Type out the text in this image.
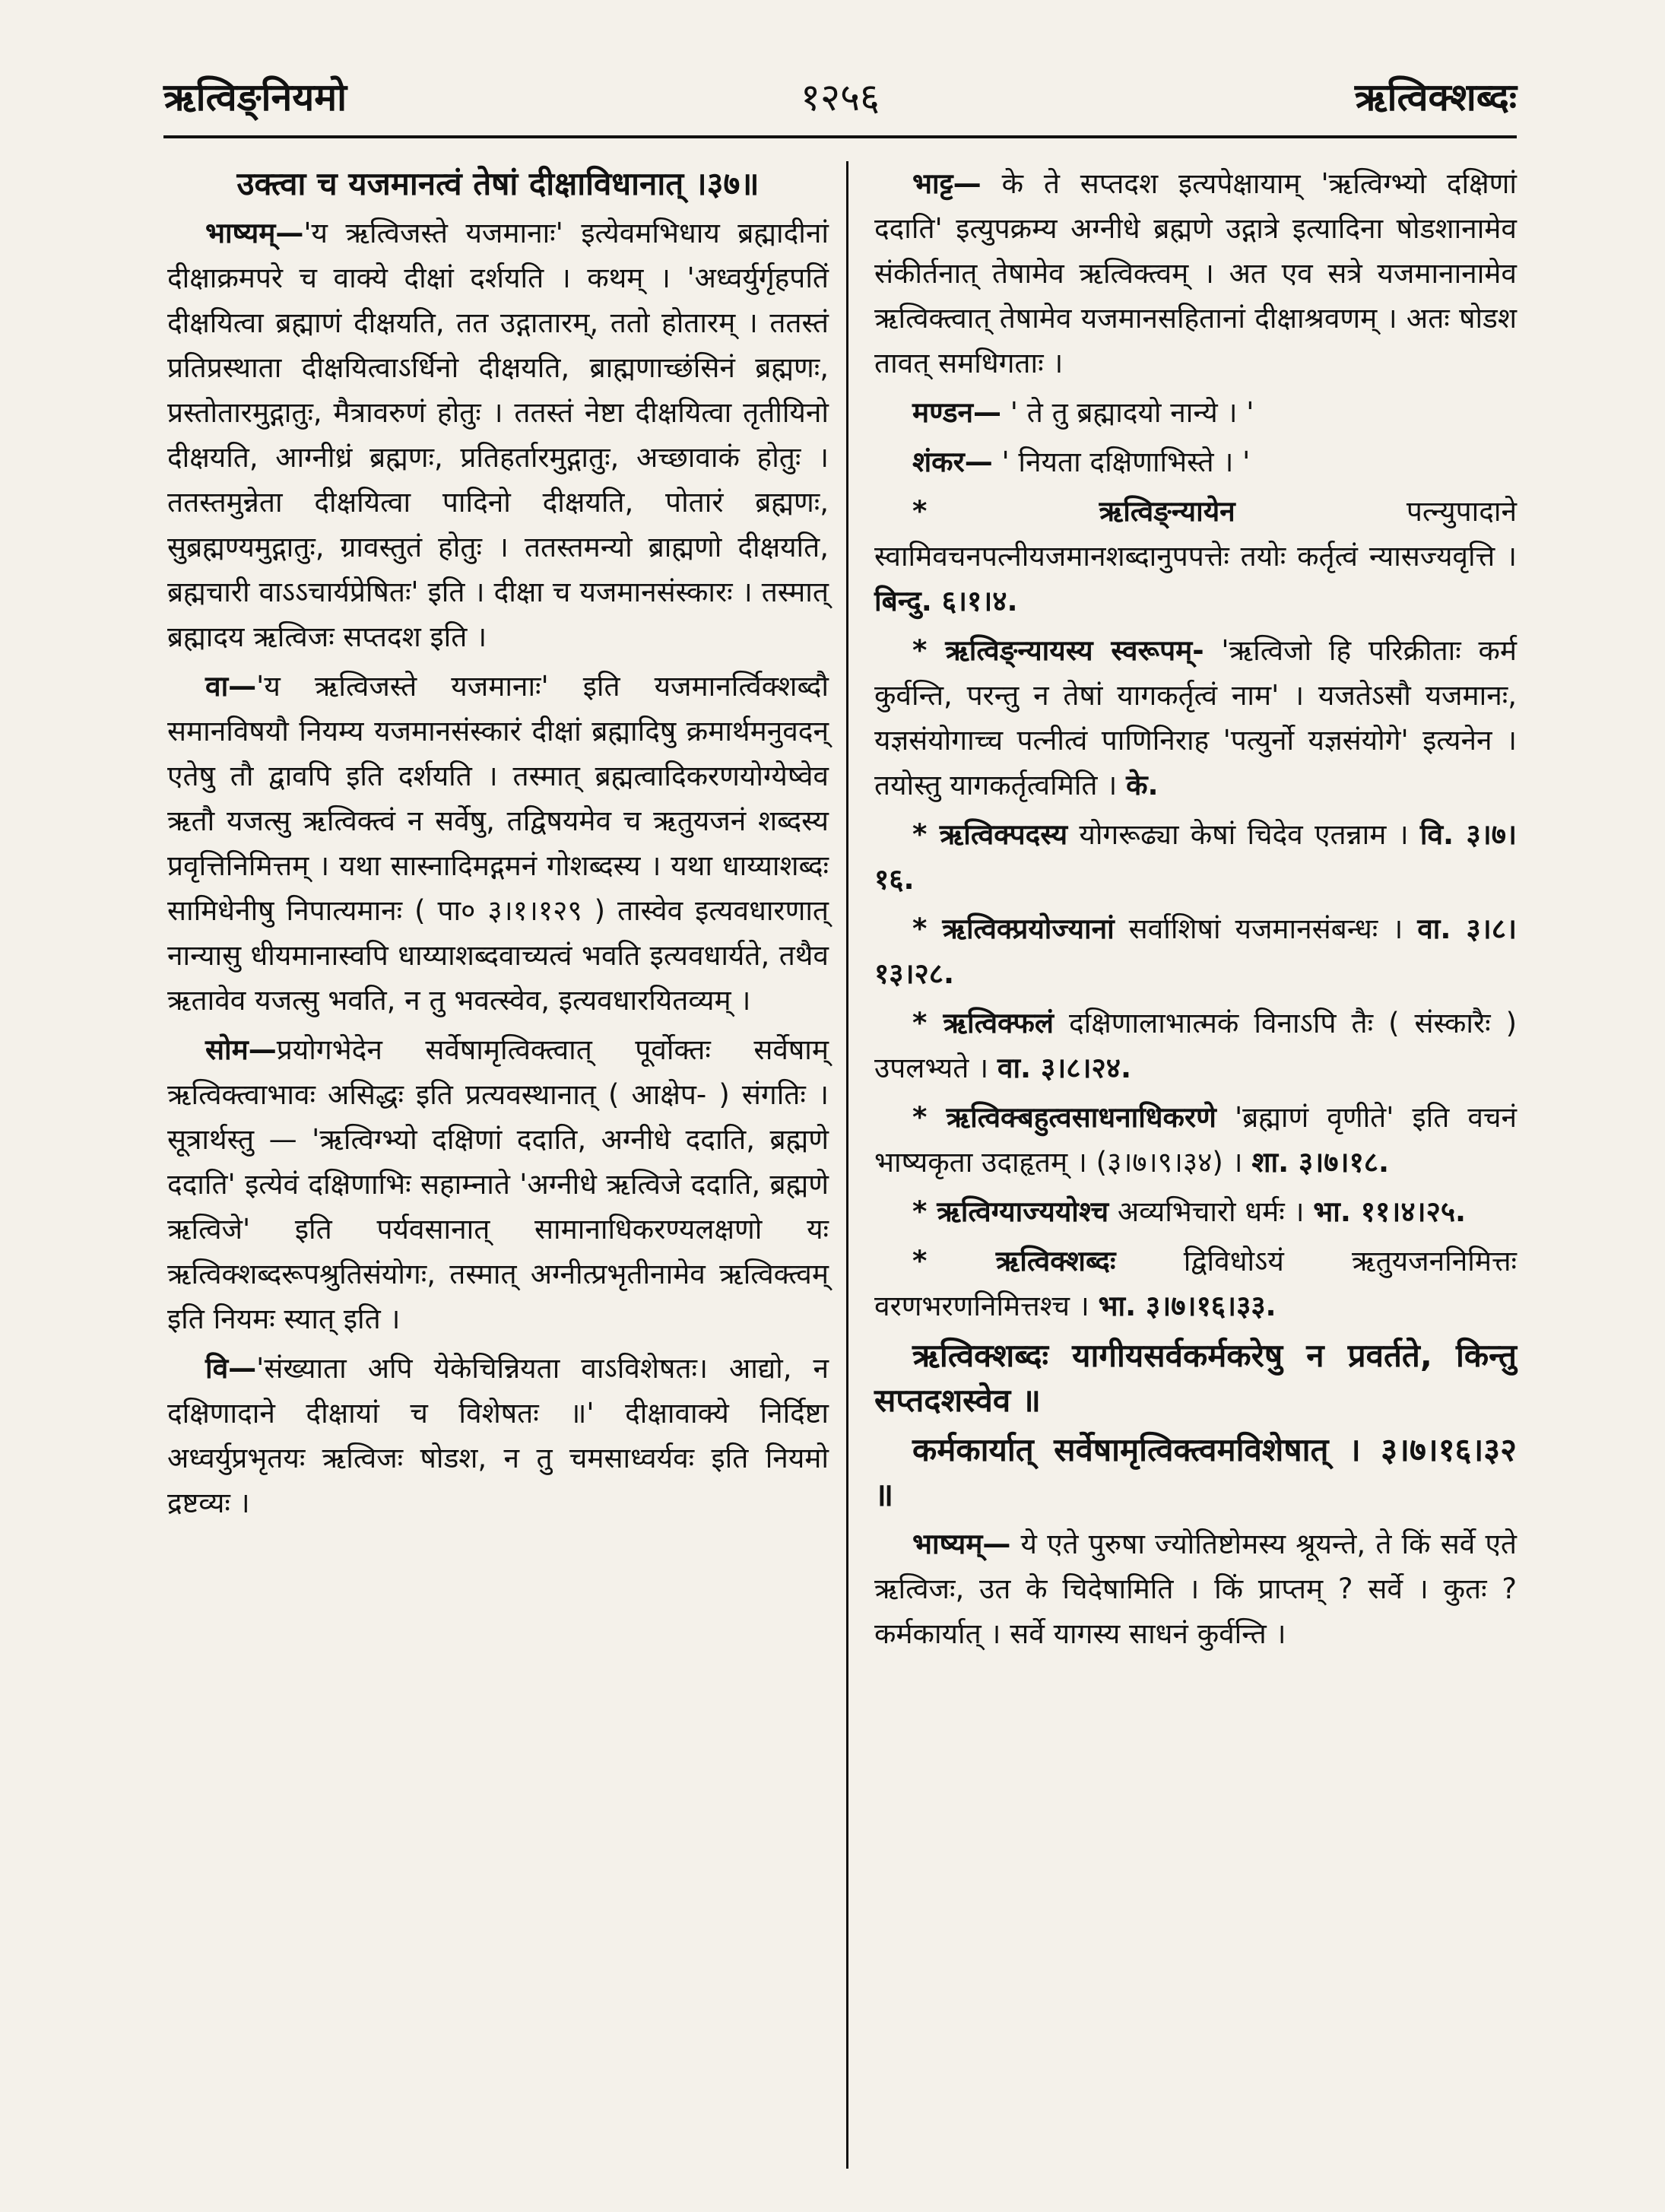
१२५६
ऋत्विङ्नियमो	ऋत्विक्शब्दः

उक्त्वा च यजमानत्वं तेषां दीक्षाविधानात् ।३७॥

भाष्यम्—'य ऋत्विजस्ते यजमानाः' इत्येवमभिधाय ब्रह्मादीनां दीक्षाक्रमपरे च वाक्ये दीक्षां दर्शयति । कथम् । 'अध्वर्युर्गृहपतिं दीक्षयित्वा ब्रह्माणं दीक्षयति, तत उद्गातारम्, ततो होतारम् । ततस्तं प्रतिप्रस्थाता दीक्षयित्वाऽर्धिनो दीक्षयति, ब्राह्मणाच्छंसिनं ब्रह्मणः, प्रस्तोतारमुद्गातुः, मैत्रावरुणं होतुः । ततस्तं नेष्टा दीक्षयित्वा तृतीयिनो दीक्षयति, आग्नीध्रं ब्रह्मणः, प्रतिहर्तारमुद्गातुः, अच्छावाकं होतुः । ततस्तमुन्नेता दीक्षयित्वा पादिनो दीक्षयति, पोतारं ब्रह्मणः, सुब्रह्मण्यमुद्गातुः, ग्रावस्तुतं होतुः । ततस्तमन्यो ब्राह्मणो दीक्षयति, ब्रह्मचारी वाऽऽचार्यप्रेषितः' इति । दीक्षा च यजमानसंस्कारः । तस्मात् ब्रह्मादय ऋत्विजः सप्तदश इति ।

वा—'य ऋत्विजस्ते यजमानाः' इति यजमानर्त्विक्शब्दौ समानविषयौ नियम्य यजमानसंस्कारं दीक्षां ब्रह्मादिषु क्रमार्थमनुवदन् एतेषु तौ द्वावपि इति दर्शयति । तस्मात् ब्रह्मत्वादिकरणयोग्येष्वेव ऋतौ यजत्सु ऋत्विक्त्वं न सर्वेषु, तद्विषयमेव च ऋतुयजनं शब्दस्य प्रवृत्तिनिमित्तम् । यथा सास्नादिमद्गमनं गोशब्दस्य । यथा धाय्याशब्दः सामिधेनीषु निपात्यमानः ( पा० ३।१।१२९ ) तास्वेव इत्यवधारणात् नान्यासु धीयमानास्वपि धाय्याशब्दवाच्यत्वं भवति इत्यवधार्यते, तथैव ऋतावेव यजत्सु भवति, न तु भवत्स्वेव, इत्यवधारयितव्यम् ।

सोम—प्रयोगभेदेन सर्वेषामृत्विक्त्वात् पूर्वोक्तः सर्वेषाम् ऋत्विक्त्वाभावः असिद्धः इति प्रत्यवस्थानात् ( आक्षेप- ) संगतिः । सूत्रार्थस्तु — 'ऋत्विग्भ्यो दक्षिणां ददाति, अग्नीधे ददाति, ब्रह्मणे ददाति' इत्येवं दक्षिणाभिः सहाम्नाते 'अग्नीधे ऋत्विजे ददाति, ब्रह्मणे ऋत्विजे' इति पर्यवसानात् सामानाधिकरण्यलक्षणो यः ऋत्विक्शब्दरूपश्रुतिसंयोगः, तस्मात् अग्नीत्प्रभृतीनामेव ऋत्विक्त्वम् इति नियमः स्यात् इति ।

वि—'संख्याता अपि येकेचिन्नियता वाऽविशेषतः। आद्यो, न दक्षिणादाने दीक्षायां च विशेषतः ॥' दीक्षावाक्ये निर्दिष्टा अध्वर्युप्रभृतयः ऋत्विजः षोडश, न तु चमसाध्वर्यवः इति नियमो द्रष्टव्यः ।

भाट्ट— के ते सप्तदश इत्यपेक्षायाम् 'ऋत्विग्भ्यो दक्षिणां ददाति' इत्युपक्रम्य अग्नीधे ब्रह्मणे उद्गात्रे इत्यादिना षोडशानामेव संकीर्तनात् तेषामेव ऋत्विक्त्वम् । अत एव सत्रे यजमानानामेव ऋत्विक्त्वात् तेषामेव यजमानसहितानां दीक्षाश्रवणम् । अतः षोडश तावत् समधिगताः ।

मण्डन— ' ते तु ब्रह्मादयो नान्ये । '

शंकर— ' नियता दक्षिणाभिस्ते । '

* ऋत्विङ्न्यायेन	पत्न्युपादाने स्वामिवचनपत्नीयजमानशब्दानुपपत्तेः तयोः कर्तृत्वं न्यासज्यवृत्ति । बिन्दु. ६।१।४.

* ऋत्विङ्न्यायस्य स्वरूपम्- 'ऋत्विजो हि परिक्रीताः कर्म कुर्वन्ति, परन्तु न तेषां यागकर्तृत्वं नाम' । यजतेऽसौ यजमानः, यज्ञसंयोगाच्च पत्नीत्वं पाणिनिराह 'पत्युर्नो यज्ञसंयोगे' इत्यनेन । तयोस्तु यागकर्तृत्वमिति । के.

* ऋत्विक्पदस्य योगरूढ्या केषां चिदेव एतन्नाम । वि. ३।७।१६.

* ऋत्विक्प्रयोज्यानां सर्वाशिषां यजमानसंबन्धः । वा. ३।८।१३।२८.

* ऋत्विक्फलं दक्षिणालाभात्मकं विनाऽपि तैः ( संस्कारैः ) उपलभ्यते । वा. ३।८।२४.

* ऋत्विक्बहुत्वसाधनाधिकरणे 'ब्रह्माणं वृणीते' इति वचनं भाष्यकृता उदाहृतम् । (३।७।९।३४) । शा. ३।७।१८.

* ऋत्विग्याज्ययोश्च अव्यभिचारो धर्मः । भा. ११।४।२५.

* ऋत्विक्शब्दः द्विविधोऽयं ऋतुयजननिमित्तः वरणभरणनिमित्तश्च । भा. ३।७।१६।३३.

ऋत्विक्शब्दः यागीयसर्वकर्मकरेषु न प्रवर्तते, किन्तु सप्तदशस्वेव ॥

कर्मकार्यात् सर्वेषामृत्विक्त्वमविशेषात् । ३।७।१६।३२ ॥

भाष्यम्— ये एते पुरुषा ज्योतिष्टोमस्य श्रूयन्ते, ते किं सर्वे एते ऋत्विजः, उत के चिदेषामिति । किं प्राप्तम् ? सर्वे । कुतः ? कर्मकार्यात् । सर्वे यागस्य साधनं कुर्वन्ति ।
